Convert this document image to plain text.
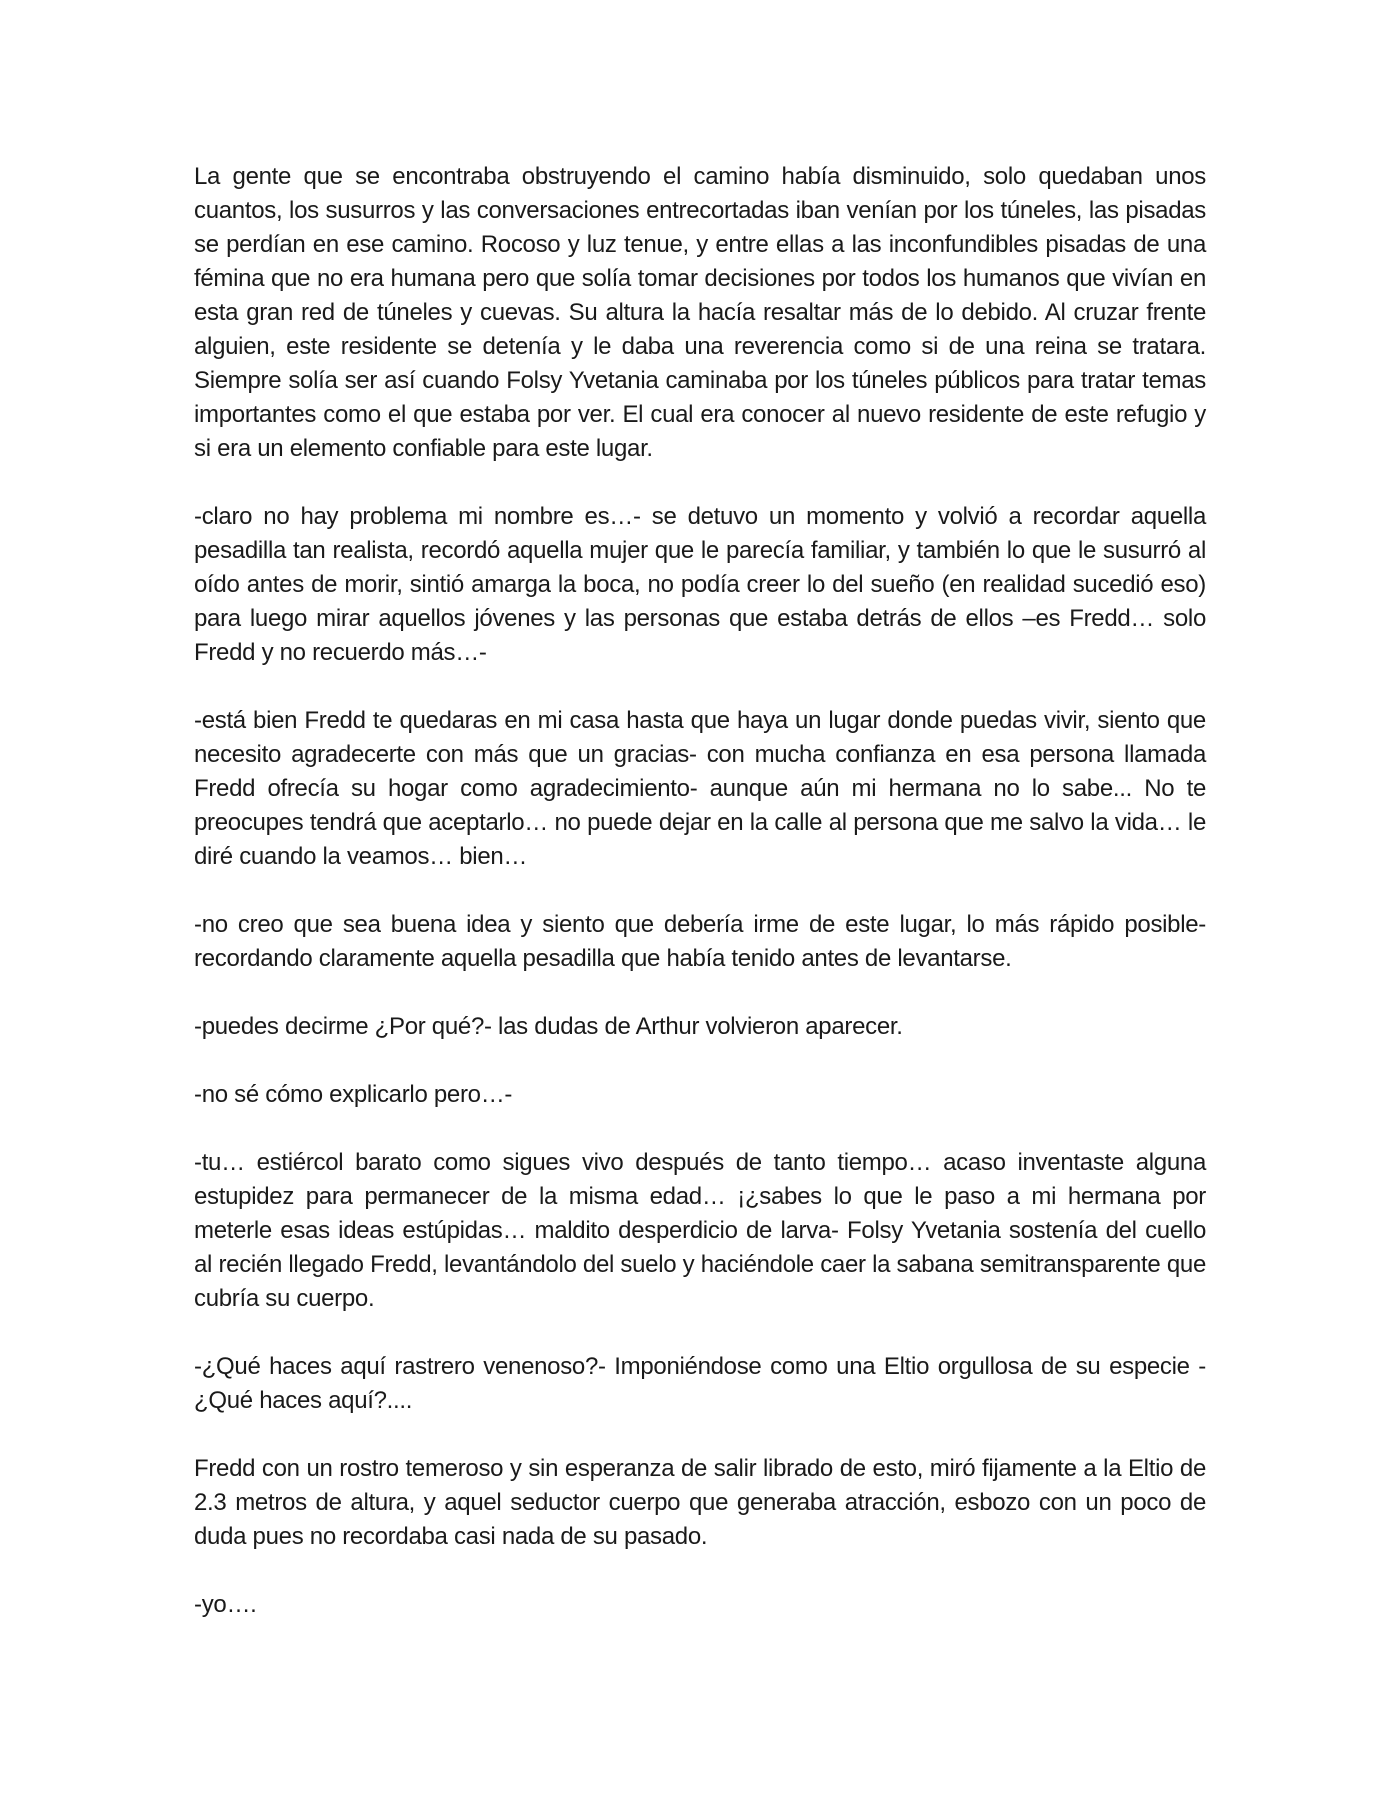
La gente que se encontraba obstruyendo el camino había disminuido, solo quedaban unos cuantos, los susurros y las conversaciones entrecortadas iban venían por los túneles, las pisadas se perdían en ese camino. Rocoso y luz tenue, y entre ellas a las inconfundibles pisadas de una fémina que no era humana pero que solía tomar decisiones por todos los humanos que vivían en esta gran red de túneles y cuevas. Su altura la hacía resaltar más de lo debido. Al cruzar frente alguien, este residente se detenía y le daba una reverencia como si de una reina se tratara. Siempre solía ser así cuando Folsy Yvetania caminaba por los túneles públicos para tratar temas importantes como el que estaba por ver. El cual era conocer al nuevo residente de este refugio y si era un elemento confiable para este lugar.

-claro no hay problema mi nombre es…- se detuvo un momento y volvió a recordar aquella pesadilla tan realista, recordó aquella mujer que le parecía familiar, y también lo que le susurró al oído antes de morir, sintió amarga la boca, no podía creer lo del sueño (en realidad sucedió eso) para luego mirar aquellos jóvenes y las personas que estaba detrás de ellos –es Fredd… solo Fredd y no recuerdo más…-

-está bien Fredd te quedaras en mi casa hasta que haya un lugar donde puedas vivir, siento que necesito agradecerte con más que un gracias- con mucha confianza en esa persona llamada Fredd ofrecía su hogar como agradecimiento- aunque aún mi hermana no lo sabe... No te preocupes tendrá que aceptarlo… no puede dejar en la calle al persona que me salvo la vida… le diré cuando la veamos… bien…

-no creo que sea buena idea y siento que debería irme de este lugar, lo más rápido posible- recordando claramente aquella pesadilla que había tenido antes de levantarse.

-puedes decirme ¿Por qué?- las dudas de Arthur volvieron aparecer.

-no sé cómo explicarlo pero…-

-tu… estiércol barato como sigues vivo después de tanto tiempo… acaso inventaste alguna estupidez para permanecer de la misma edad… ¡¿sabes lo que le paso a mi hermana por meterle esas ideas estúpidas… maldito desperdicio de larva- Folsy Yvetania sostenía del cuello al recién llegado Fredd, levantándolo del suelo y haciéndole caer la sabana semitransparente que cubría su cuerpo.

-¿Qué haces aquí rastrero venenoso?- Imponiéndose como una Eltio orgullosa de su especie - ¿Qué haces aquí?....

Fredd con un rostro temeroso y sin esperanza de salir librado de esto, miró fijamente a la Eltio de 2.3 metros de altura, y aquel seductor cuerpo que generaba atracción, esbozo con un poco de duda pues no recordaba casi nada de su pasado.

-yo….
